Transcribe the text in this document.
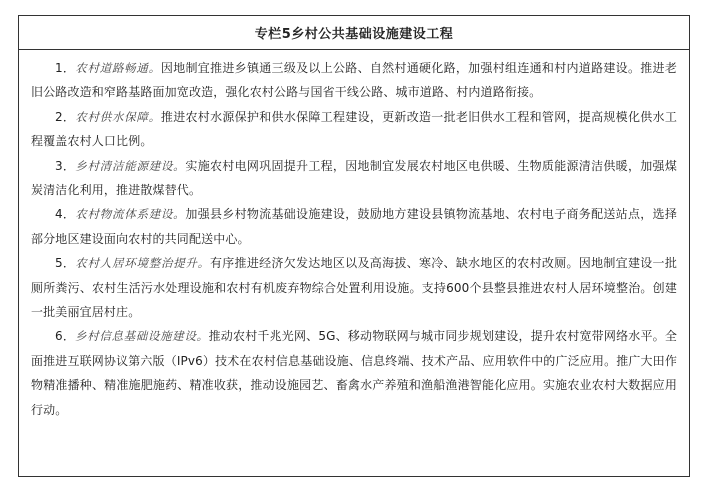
专栏5乡村公共基础设施建设工程

1．农村道路畅通。因地制宜推进乡镇通三级及以上公路、自然村通硬化路，加强村组连通和村内道路建设。推进老旧公路改造和窄路基路面加宽改造，强化农村公路与国省干线公路、城市道路、村内道路衔接。

2．农村供水保障。推进农村水源保护和供水保障工程建设，更新改造一批老旧供水工程和管网，提高规模化供水工程覆盖农村人口比例。

3．乡村清洁能源建设。实施农村电网巩固提升工程，因地制宜发展农村地区电供暖、生物质能源清洁供暖，加强煤炭清洁化利用，推进散煤替代。

4．农村物流体系建设。加强县乡村物流基础设施建设，鼓励地方建设县镇物流基地、农村电子商务配送站点，选择部分地区建设面向农村的共同配送中心。

5．农村人居环境整治提升。有序推进经济欠发达地区以及高海拔、寒冷、缺水地区的农村改厕。因地制宜建设一批厕所粪污、农村生活污水处理设施和农村有机废弃物综合处置利用设施。支持600个县整县推进农村人居环境整治。创建一批美丽宜居村庄。

6．乡村信息基础设施建设。推动农村千兆光网、5G、移动物联网与城市同步规划建设，提升农村宽带网络水平。全面推进互联网协议第六版（IPv6）技术在农村信息基础设施、信息终端、技术产品、应用软件中的广泛应用。推广大田作物精准播种、精准施肥施药、精准收获，推动设施园艺、畜禽水产养殖和渔船渔港智能化应用。实施农业农村大数据应用行动。
